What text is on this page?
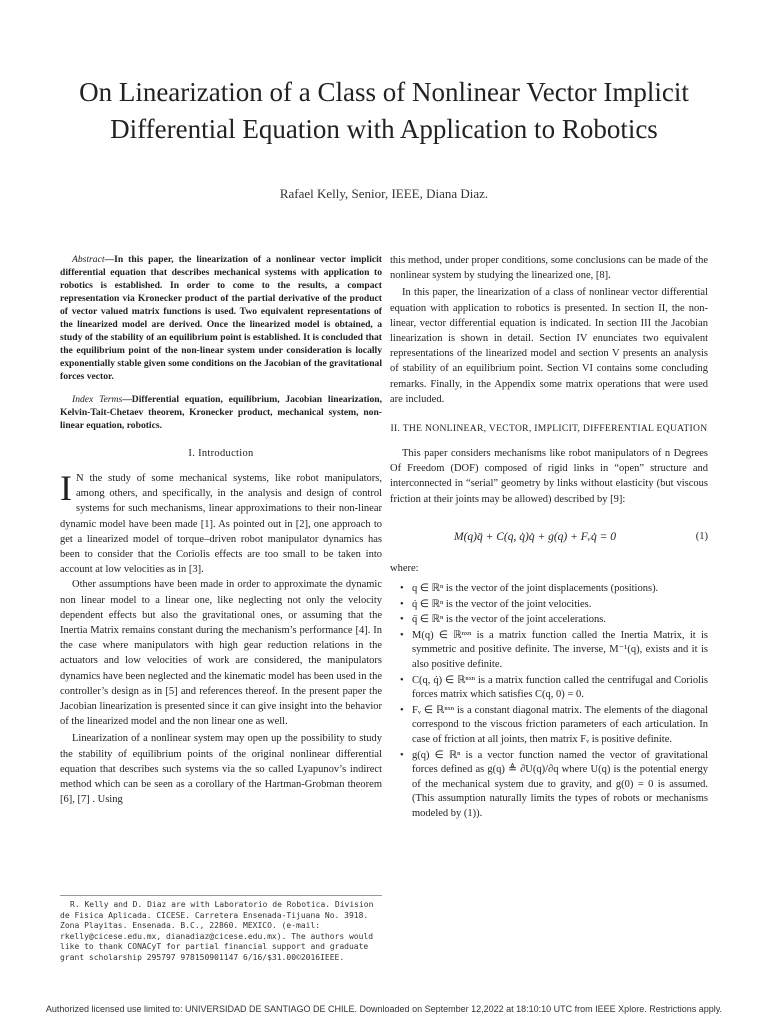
On Linearization of a Class of Nonlinear Vector Implicit Differential Equation with Application to Robotics
Rafael Kelly, Senior, IEEE, Diana Diaz.

Abstract—In this paper, the linearization of a nonlinear vector implicit differential equation that describes mechanical systems with application to robotics is established. In order to come to the results, a compact representation via Kronecker product of the partial derivative of the product of vector valued matrix functions is used. Two equivalent representations of the linearized model are derived. Once the linearized model is obtained, a study of the stability of an equilibrium point is established. It is concluded that the equilibrium point of the non-linear system under consideration is locally exponentially stable given some conditions on the Jacobian of the gravitational forces vector.

Index Terms—Differential equation, equilibrium, Jacobian linearization, Kelvin-Tait-Chetaev theorem, Kronecker product, mechanical system, non-linear equation, robotics.

I. Introduction
I N the study of some mechanical systems, like robot manipulators, among others, and specifically, in the analysis and design of control systems for such mechanisms, linear approximations to their non-linear dynamic model have been made [1]. As pointed out in [2], one approach to get a linearized model of torque–driven robot manipulator dynamics has been to consider that the Coriolis effects are too small to be taken into account at low velocities as in [3].

Other assumptions have been made in order to approximate the dynamic non linear model to a linear one, like neglecting not only the velocity dependent effects but also the gravitational ones, or assuming that the Inertia Matrix remains constant during the mechanism’s performance [4]. In the case where manipulators with high gear reduction relations in the actuators and low velocities of work are considered, the manipulators dynamics have been neglected and the kinematic model has been used in the controller’s design as in [5] and references thereof. In the present paper the Jacobian linearization is presented since it can give insight into the behavior of the linearized model and the non linear one as well.

Linearization of a nonlinear system may open up the possibility to study the stability of equilibrium points of the original nonlinear differential equation that describes such systems via the so called Lyapunov’s indirect method which can be seen as a corollary of the Hartman-Grobman theorem [6], [7] . Using

R. Kelly and D. Diaz are with Laboratorio de Robotica. Division de Fisica Aplicada. CICESE. Carretera Ensenada-Tijuana No. 3918. Zona Playitas. Ensenada. B.C., 22860. MEXICO. (e-mail: rkelly@cicese.edu.mx, dianadiaz@cicese.edu.mx). The authors would like to thank CONACyT for partial financial support and graduate grant scholarship 295797 978150901147 6/16/$31.00©2016IEEE.

this method, under proper conditions, some conclusions can be made of the nonlinear system by studying the linearized one, [8].

In this paper, the linearization of a class of nonlinear vector differential equation with application to robotics is presented. In section II, the non-linear, vector differential equation is indicated. In section III the Jacobian linearization is shown in detail. Section IV enunciates two equivalent representations of the linearized model and section V presents an analysis of stability of an equilibrium point. Section VI contains some concluding remarks. Finally, in the Appendix some matrix operations that were used are included.

II. THE NONLINEAR, VECTOR, IMPLICIT, DIFFERENTIAL EQUATION

This paper considers mechanisms like robot manipulators of n Degrees Of Freedom (DOF) composed of rigid links in “open” structure and interconnected in “serial” geometry by links without elasticity (but viscous friction at their joints may be allowed) described by [9]:

M(q)q̈ + C(q, q̇)q̇ + g(q) + Fᵥq̇ = 0	(1)

where:

• q ∈ ℝⁿ is the vector of the joint displacements (positions).
• q̇ ∈ ℝⁿ is the vector of the joint velocities.
• q̈ ∈ ℝⁿ is the vector of the joint accelerations.
• M(q) ∈ ℝⁿˣⁿ is a matrix function called the Inertia Matrix, it is symmetric and positive definite. The inverse, M⁻¹(q), exists and it is also positive definite.
• C(q, q̇) ∈ ℝⁿˣⁿ is a matrix function called the centrifugal and Coriolis forces matrix which satisfies C(q, 0) = 0.
• Fᵥ ∈ ℝⁿˣⁿ is a constant diagonal matrix. The elements of the diagonal correspond to the viscous friction parameters of each articulation. In case of friction at all joints, then matrix Fᵥ is positive definite.
• g(q) ∈ ℝⁿ is a vector function named the vector of gravitational forces defined as g(q) ≜ ∂U(q)/∂q where U(q) is the potential energy of the mechanical system due to gravity, and g(0) = 0 is assumed. (This assumption naturally limits the types of robots or mechanisms modeled by (1)).
Authorized licensed use limited to: UNIVERSIDAD DE SANTIAGO DE CHILE. Downloaded on September 12,2022 at 18:10:10 UTC from IEEE Xplore. Restrictions apply.
